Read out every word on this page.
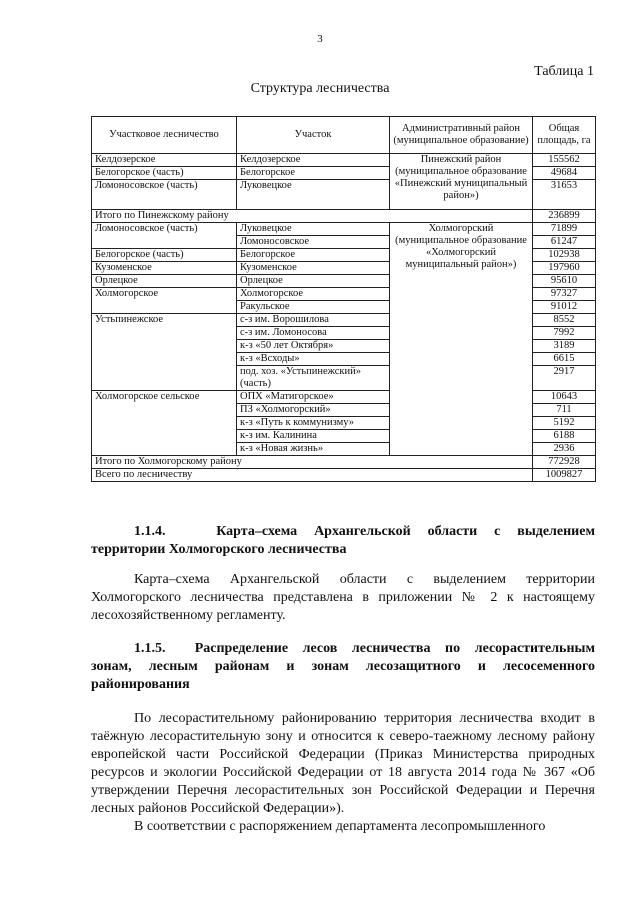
3
Таблица 1
Структура лесничества
Участковое лесничество	Участок	Административный район (муниципальное образование)	Общая площадь, га
Келдозерское	Келдозерское	Пинежский район (муниципальное образование «Пинежский муниципальный район»)	155562
Белогорское (часть)	Белогорское		49684
Ломоносовское (часть)	Луковецкое		31653
Итого по Пинежскому району			236899
Ломоносовское (часть)	Луковецкое	Холмогорский (муниципальное образование «Холмогорский муниципальный район»)	71899
	Ломоносовское		61247
Белогорское (часть)	Белогорское		102938
Кузоменское	Кузоменское		197960
Орлецкое	Орлецкое		95610
Холмогорское	Холмогорское		97327
	Ракульское		91012
Устьпинежское	с-з им. Ворошилова		8552
	с-з им. Ломоносова		7992
	к-з «50 лет Октября»		3189
	к-з «Всходы»		6615
	под. хоз. «Устьпинежский» (часть)		2917
Холмогорское сельское	ОПХ «Матигорское»		10643
	ПЗ «Холмогорский»		711
	к-з «Путь к коммунизму»		5192
	к-з им. Калинина		6188
	к-з «Новая жизнь»		2936
Итого по Холмогорскому району			772928
Всего по лесничеству			1009827
1.1.4.	Карта–схема Архангельской области с выделением
территории Холмогорского лесничества
Карта–схема Архангельской области с выделением территории Холмогорского лесничества представлена в приложении № 2 к настоящему лесохозяйственному регламенту.
1.1.5. Распределение лесов лесничества по лесорастительным
зонам, лесным районам и зонам лесозащитного и лесосеменного районирования
По лесорастительному районированию территория лесничества входит в таёжную лесорастительную зону и относится к северо-таежному лесному району европейской части Российской Федерации (Приказ Министерства природных ресурсов и экологии Российской Федерации от 18 августа 2014 года № 367 «Об утверждении Перечня лесорастительных зон Российской Федерации и Перечня лесных районов Российской Федерации»).
В соответствии с распоряжением департамента лесопромышленного
